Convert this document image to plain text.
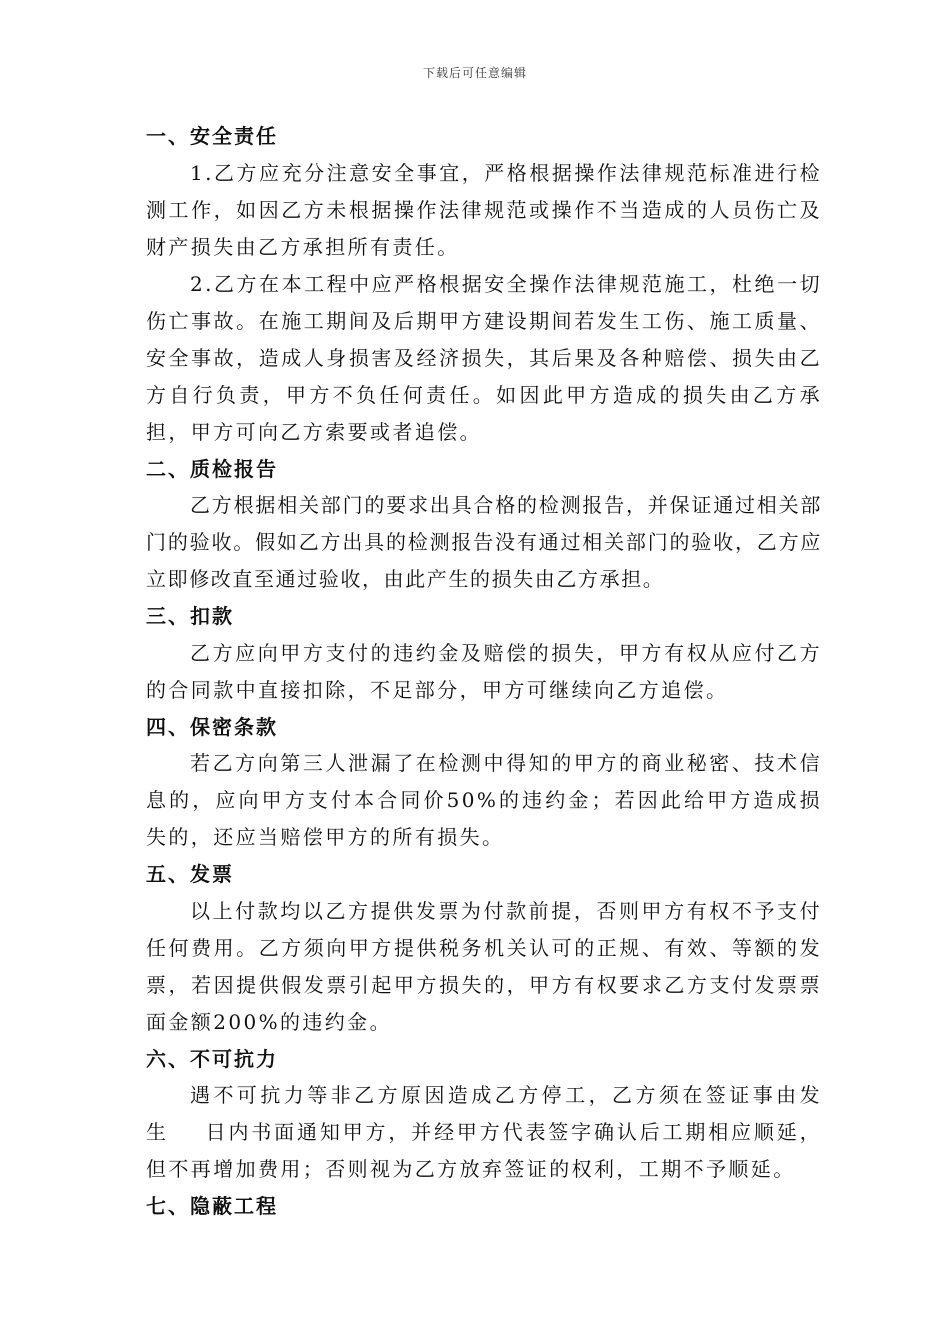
下载后可任意编辑
一、安全责任
1.乙方应充分注意安全事宜，严格根据操作法律规范标准进行检测工作，如因乙方未根据操作法律规范或操作不当造成的人员伤亡及财产损失由乙方承担所有责任。
2.乙方在本工程中应严格根据安全操作法律规范施工，杜绝一切伤亡事故。在施工期间及后期甲方建设期间若发生工伤、施工质量、安全事故，造成人身损害及经济损失，其后果及各种赔偿、损失由乙方自行负责，甲方不负任何责任。如因此甲方造成的损失由乙方承担，甲方可向乙方索要或者追偿。
二、质检报告
乙方根据相关部门的要求出具合格的检测报告，并保证通过相关部门的验收。假如乙方出具的检测报告没有通过相关部门的验收，乙方应立即修改直至通过验收，由此产生的损失由乙方承担。
三、扣款
乙方应向甲方支付的违约金及赔偿的损失，甲方有权从应付乙方的合同款中直接扣除，不足部分，甲方可继续向乙方追偿。
四、保密条款
若乙方向第三人泄漏了在检测中得知的甲方的商业秘密、技术信息的，应向甲方支付本合同价50%的违约金；若因此给甲方造成损失的，还应当赔偿甲方的所有损失。
五、发票
以上付款均以乙方提供发票为付款前提，否则甲方有权不予支付任何费用。乙方须向甲方提供税务机关认可的正规、有效、等额的发票，若因提供假发票引起甲方损失的，甲方有权要求乙方支付发票票面金额200%的违约金。
六、不可抗力
遇不可抗力等非乙方原因造成乙方停工，乙方须在签证事由发生    日内书面通知甲方，并经甲方代表签字确认后工期相应顺延，但不再增加费用；否则视为乙方放弃签证的权利，工期不予顺延。
七、隐蔽工程
